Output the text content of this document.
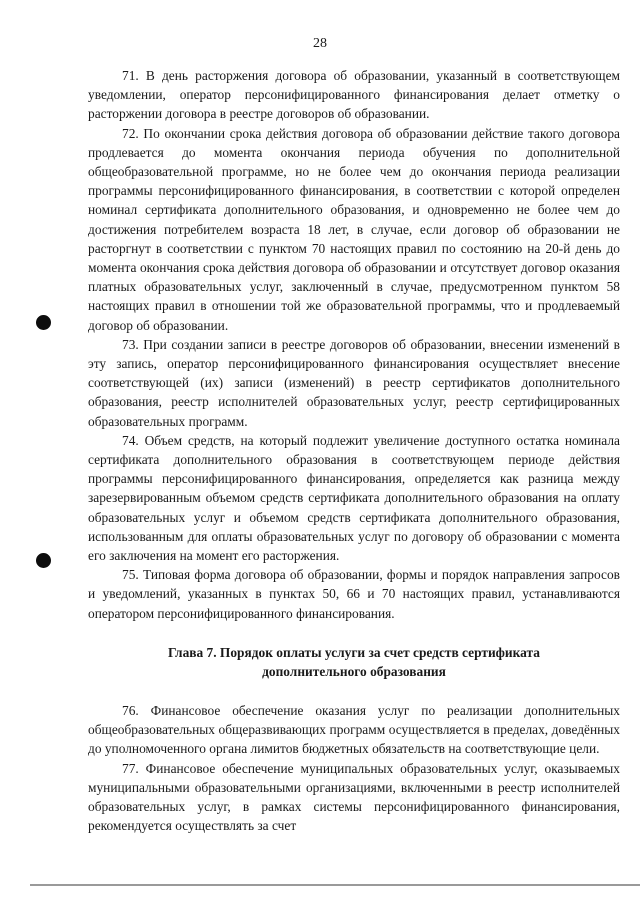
28

71. В день расторжения договора об образовании, указанный в соответствующем уведомлении, оператор персонифицированного финансирования делает отметку о расторжении договора в реестре договоров об образовании.

72. По окончании срока действия договора об образовании действие такого договора продлевается до момента окончания периода обучения по дополнительной общеобразовательной программе, но не более чем до окончания периода реализации программы персонифицированного финансирования, в соответствии с которой определен номинал сертификата дополнительного образования, и одновременно не более чем до достижения потребителем возраста 18 лет, в случае, если договор об образовании не расторгнут в соответствии с пунктом 70 настоящих правил по состоянию на 20-й день до момента окончания срока действия договора об образовании и отсутствует договор оказания платных образовательных услуг, заключенный в случае, предусмотренном пунктом 58 настоящих правил в отношении той же образовательной программы, что и продлеваемый договор об образовании.

73. При создании записи в реестре договоров об образовании, внесении изменений в эту запись, оператор персонифицированного финансирования осуществляет внесение соответствующей (их) записи (изменений) в реестр сертификатов дополнительного образования, реестр исполнителей образовательных услуг, реестр сертифицированных образовательных программ.

74. Объем средств, на который подлежит увеличение доступного остатка номинала сертификата дополнительного образования в соответствующем периоде действия программы персонифицированного финансирования, определяется как разница между зарезервированным объемом средств сертификата дополнительного образования на оплату образовательных услуг и объемом средств сертификата дополнительного образования, использованным для оплаты образовательных услуг по договору об образовании с момента его заключения на момент его расторжения.

75. Типовая форма договора об образовании, формы и порядок направления запросов и уведомлений, указанных в пунктах 50, 66 и 70 настоящих правил, устанавливаются оператором персонифицированного финансирования.

Глава 7. Порядок оплаты услуги за счет средств сертификата дополнительного образования

76. Финансовое обеспечение оказания услуг по реализации дополнительных общеобразовательных общеразвивающих программ осуществляется в пределах, доведённых до уполномоченного органа лимитов бюджетных обязательств на соответствующие цели.

77. Финансовое обеспечение муниципальных образовательных услуг, оказываемых муниципальными образовательными организациями, включенными в реестр исполнителей образовательных услуг, в рамках системы персонифицированного финансирования, рекомендуется осуществлять за счет
